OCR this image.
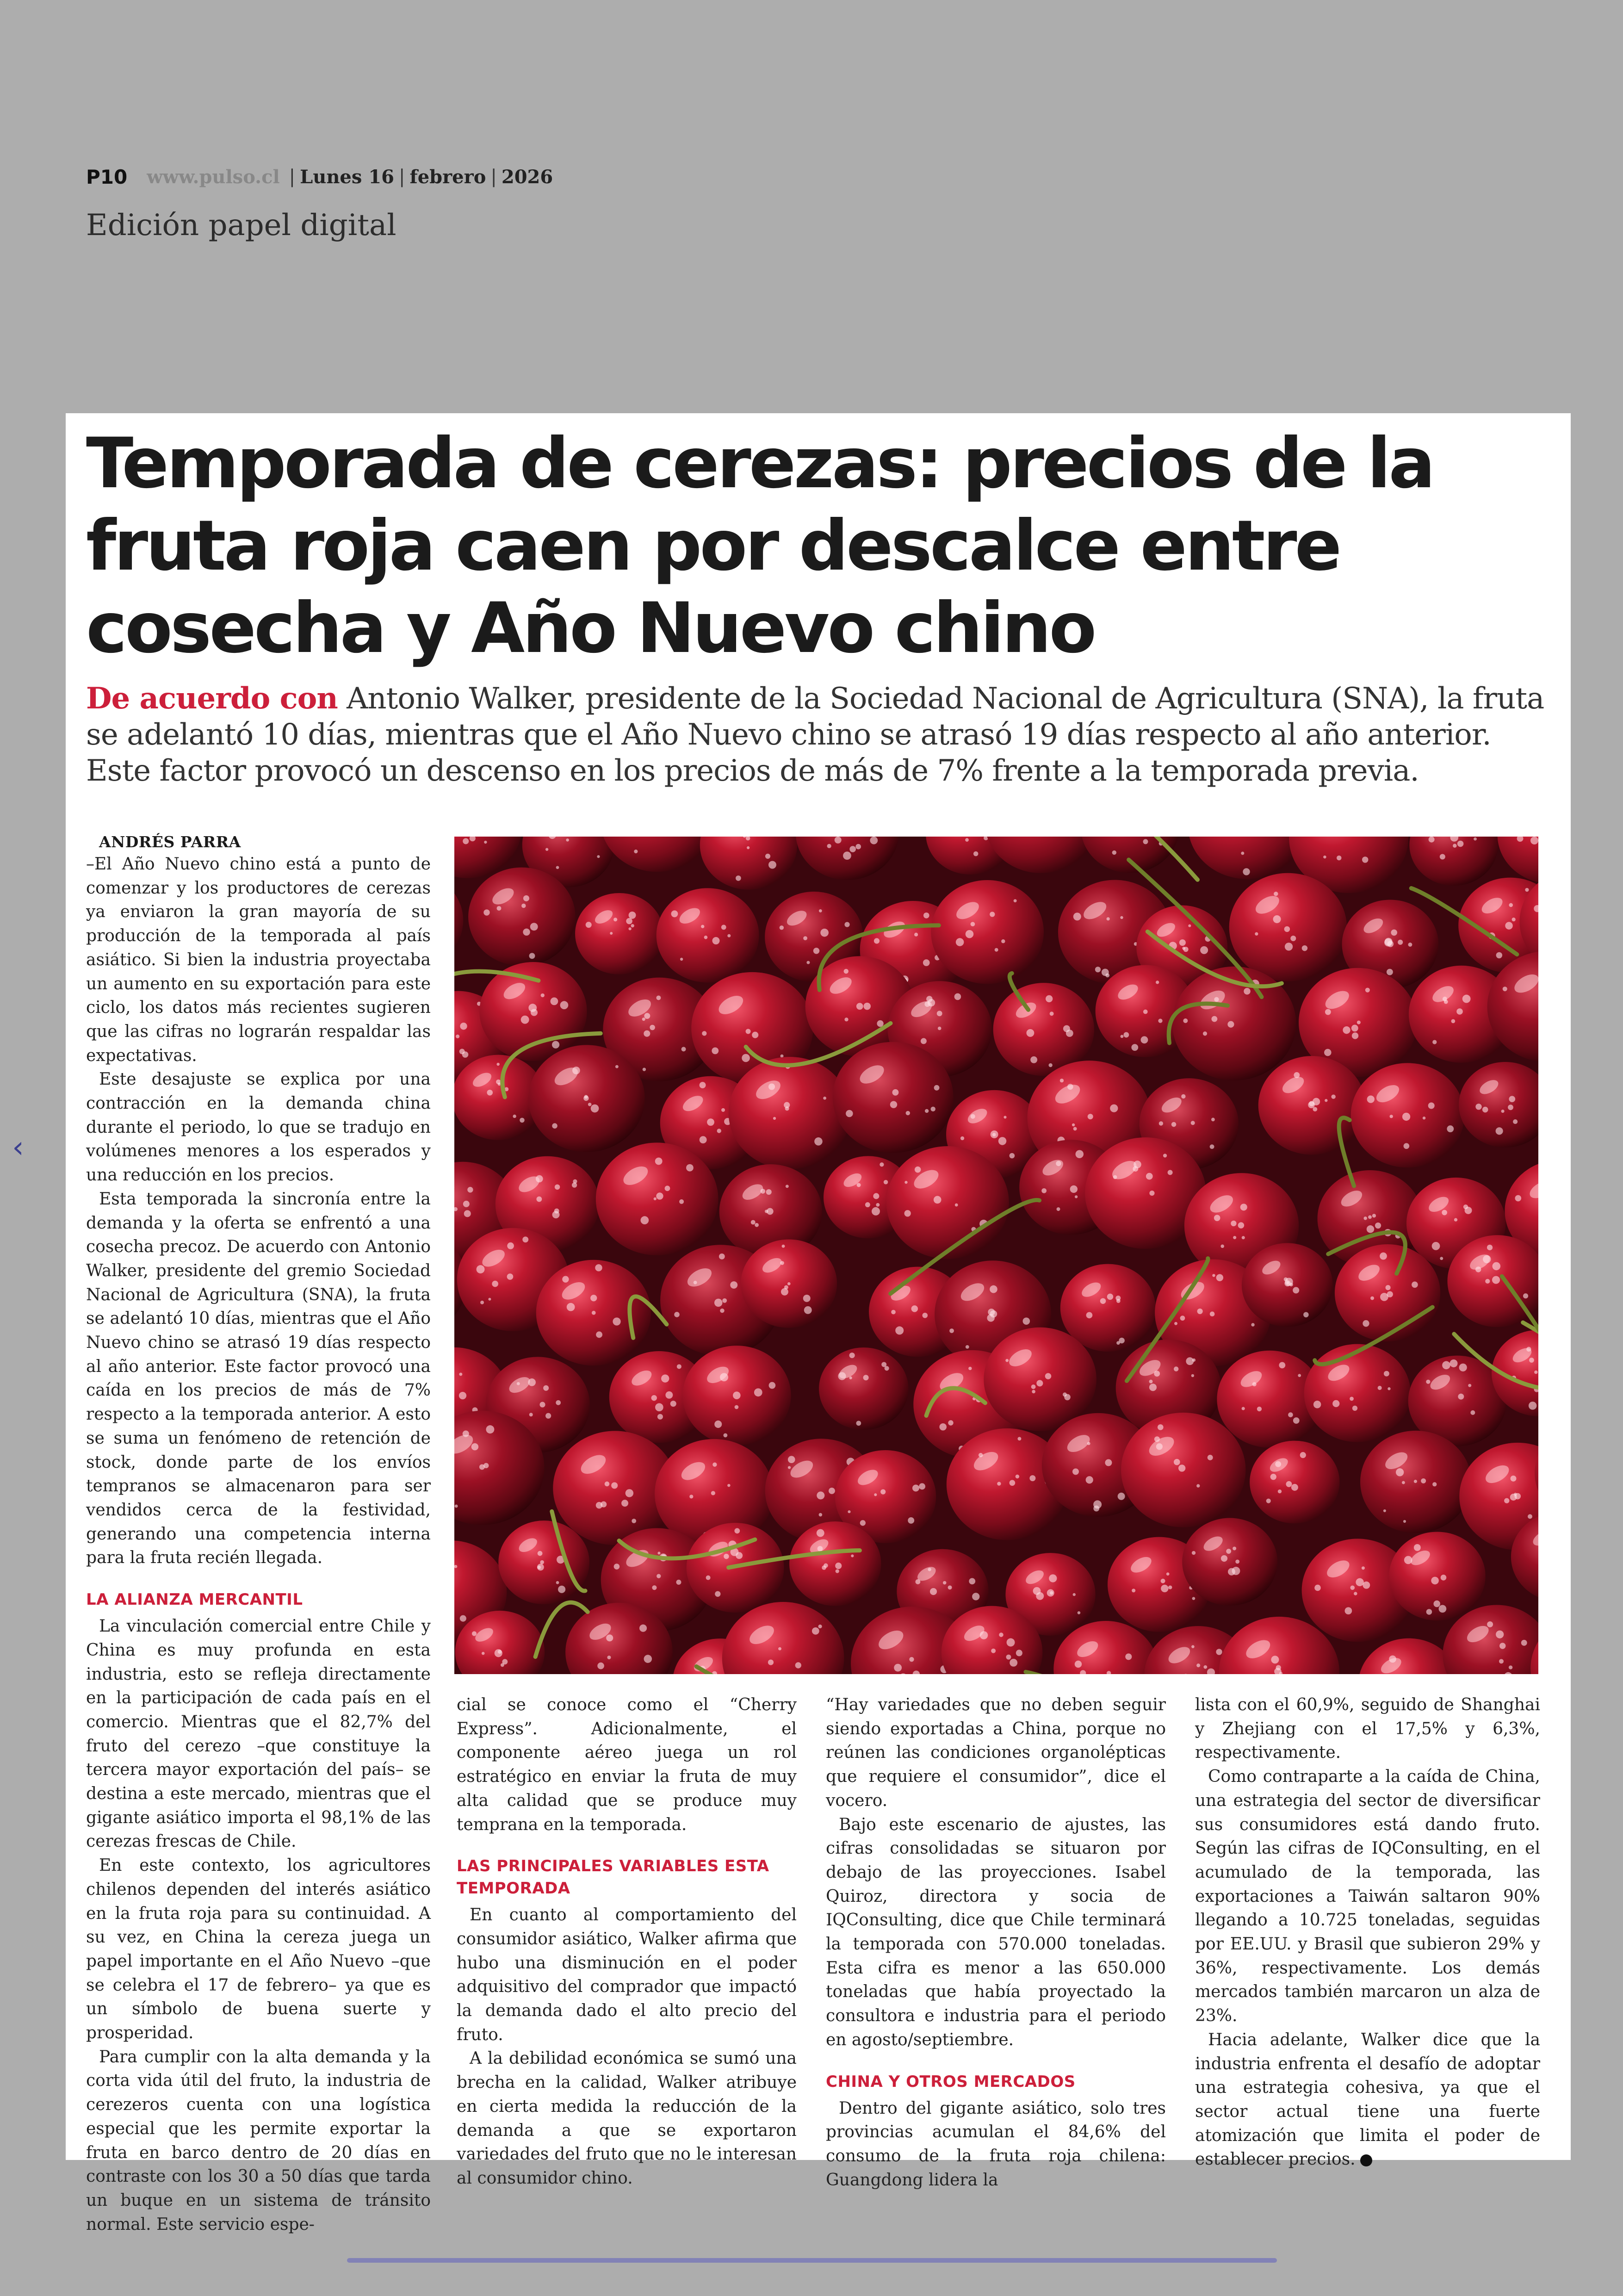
P10 www.pulso.cl | Lunes 16 | febrero | 2026
Edición papel digital
‹
Temporada de cerezas: precios de la fruta roja caen por descalce entre cosecha y Año Nuevo chino

De acuerdo con Antonio Walker, presidente de la Sociedad Nacional de Agricultura (SNA), la fruta se adelantó 10 días, mientras que el Año Nuevo chino se atrasó 19 días respecto al año anterior. Este factor provocó un descenso en los precios de más de 7% frente a la temporada previa.

ANDRÉS PARRA

–El Año Nuevo chino está a punto de comenzar y los productores de cerezas ya enviaron la gran mayoría de su producción de la temporada al país asiático. Si bien la industria proyectaba un aumento en su exportación para este ciclo, los datos más recientes sugieren que las cifras no lograrán respaldar las expectativas.

Este desajuste se explica por una contracción en la demanda china durante el periodo, lo que se tradujo en volúmenes menores a los esperados y una reducción en los precios.

Esta temporada la sincronía entre la demanda y la oferta se enfrentó a una cosecha precoz. De acuerdo con Antonio Walker, presidente del gremio Sociedad Nacional de Agricultura (SNA), la fruta se adelantó 10 días, mientras que el Año Nuevo chino se atrasó 19 días respecto al año anterior. Este factor provocó una caída en los precios de más de 7% respecto a la temporada anterior. A esto se suma un fenómeno de retención de stock, donde parte de los envíos tempranos se almacenaron para ser vendidos cerca de la festividad, generando una competencia interna para la fruta recién llegada.

LA ALIANZA MERCANTIL

La vinculación comercial entre Chile y China es muy profunda en esta industria, esto se refleja directamente en la participación de cada país en el comercio. Mientras que el 82,7% del fruto del cerezo –que constituye la tercera mayor exportación del país– se destina a este mercado, mientras que el gigante asiático importa el 98,1% de las cerezas frescas de Chile.

En este contexto, los agricultores chilenos dependen del interés asiático en la fruta roja para su continuidad. A su vez, en China la cereza juega un papel importante en el Año Nuevo –que se celebra el 17 de febrero– ya que es un símbolo de buena suerte y prosperidad.

Para cumplir con la alta demanda y la corta vida útil del fruto, la industria de cerezeros cuenta con una logística especial que les permite exportar la fruta en barco dentro de 20 días en contraste con los 30 a 50 días que tarda un buque en un sistema de tránsito normal. Este servicio espe-

cial se conoce como el “Cherry Express”. Adicionalmente, el componente aéreo juega un rol estratégico en enviar la fruta de muy alta calidad que se produce muy temprana en la temporada.

LAS PRINCIPALES VARIABLES ESTA TEMPORADA

En cuanto al comportamiento del consumidor asiático, Walker afirma que hubo una disminución en el poder adquisitivo del comprador que impactó la demanda dado el alto precio del fruto.

A la debilidad económica se sumó una brecha en la calidad, Walker atribuye en cierta medida la reducción de la demanda a que se exportaron variedades del fruto que no le interesan al consumidor chino.

“Hay variedades que no deben seguir siendo exportadas a China, porque no reúnen las condiciones organolépticas que requiere el consumidor”, dice el vocero.

Bajo este escenario de ajustes, las cifras consolidadas se situaron por debajo de las proyecciones. Isabel Quiroz, directora y socia de IQConsulting, dice que Chile terminará la temporada con 570.000 toneladas. Esta cifra es menor a las 650.000 toneladas que había proyectado la consultora e industria para el periodo en agosto/septiembre.

CHINA Y OTROS MERCADOS

Dentro del gigante asiático, solo tres provincias acumulan el 84,6% del consumo de la fruta roja chilena: Guangdong lidera la

lista con el 60,9%, seguido de Shanghai y Zhejiang con el 17,5% y 6,3%, respectivamente.

Como contraparte a la caída de China, una estrategia del sector de diversificar sus consumidores está dando fruto. Según las cifras de IQConsulting, en el acumulado de la temporada, las exportaciones a Taiwán saltaron 90% llegando a 10.725 toneladas, seguidas por EE.UU. y Brasil que subieron 29% y 36%, respectivamente. Los demás mercados también marcaron un alza de 23%.

Hacia adelante, Walker dice que la industria enfrenta el desafío de adoptar una estrategia cohesiva, ya que el sector actual tiene una fuerte atomización que limita el poder de establecer precios.
